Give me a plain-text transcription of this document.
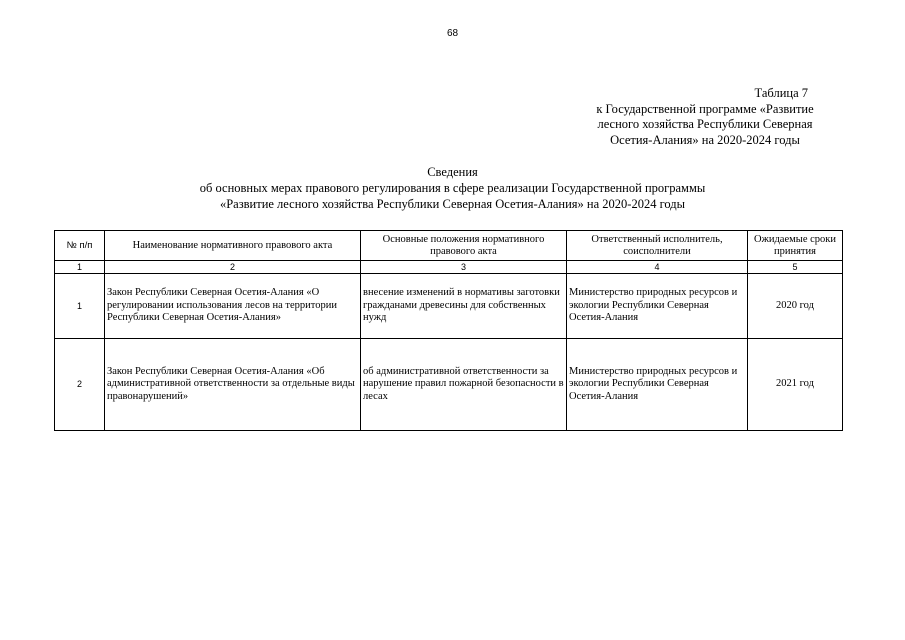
68
Таблица 7
к Государственной программе «Развитие
лесного хозяйства Республики Северная
Осетия-Алания» на 2020-2024 годы
Сведения
об основных мерах правового регулирования в сфере реализации Государственной программы
«Развитие лесного хозяйства Республики Северная Осетия-Алания» на 2020-2024 годы
№ п/п	Наименование нормативного правового акта	Основные положения нормативного правового акта	Ответственный исполнитель, соисполнители	Ожидаемые сроки принятия
1	2	3	4	5
1	Закон Республики Северная Осетия-Алания «О регулировании использования лесов на территории Республики Северная Осетия-Алания»	внесение изменений в нормативы заготовки гражданами древесины для собственных нужд	Министерство природных ресурсов и экологии Республики Северная Осетия-Алания	2020 год
2	Закон Республики Северная Осетия-Алания «Об административной ответственности за отдельные виды правонарушений»	об административной ответственности за нарушение правил пожарной безопасности в лесах	Министерство природных ресурсов и экологии Республики Северная Осетия-Алания	2021 год
